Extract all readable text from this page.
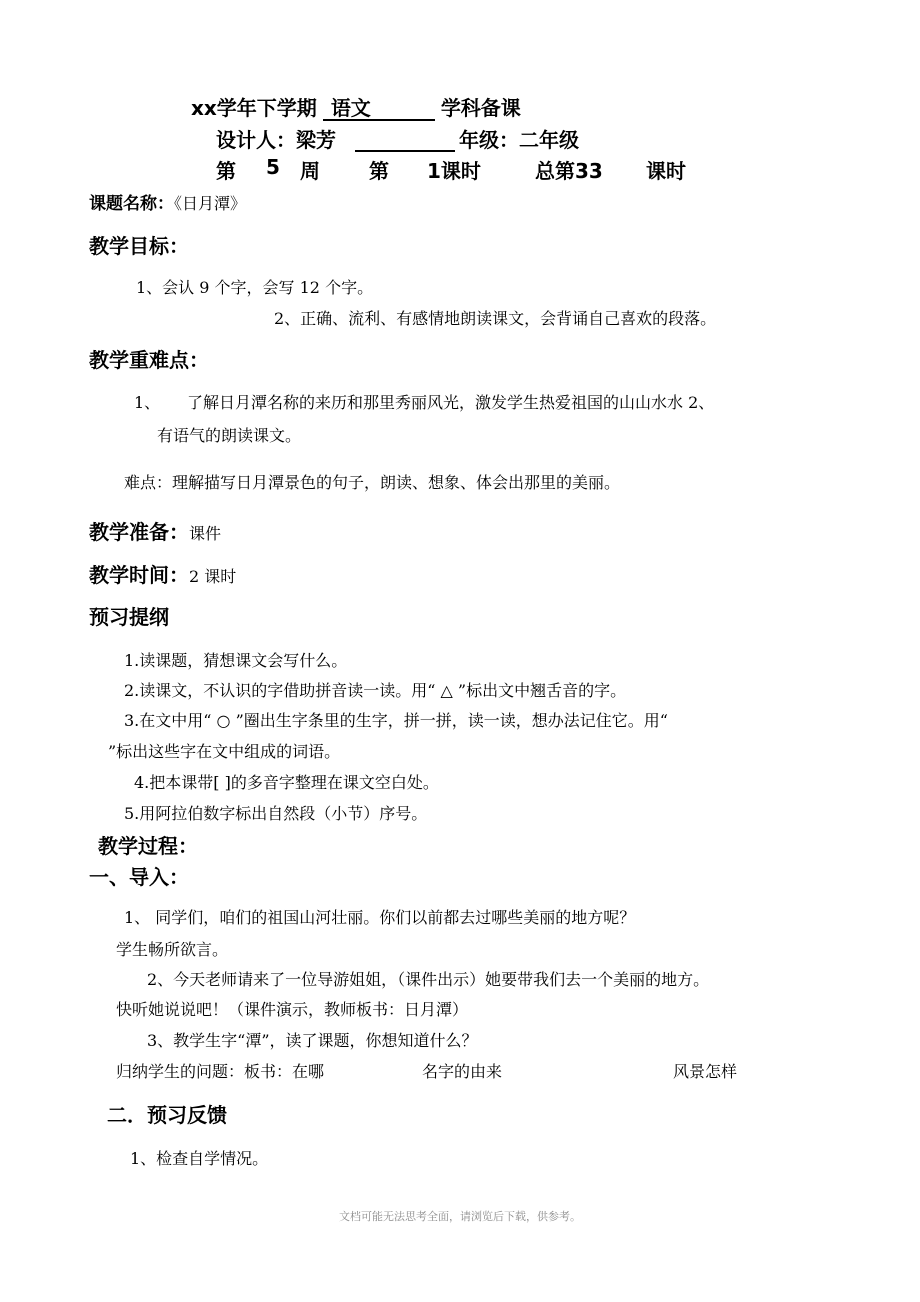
xx学年下学期 语文	学科备课
设计人：梁芳	年级：二年级
第 5 周 第 1课时	总第33 课时
课题名称：《日月潭》
教学目标：
1、会认 9 个字，会写 12 个字。
2、正确、流利、有感情地朗读课文，会背诵自己喜欢的段落。
教学重难点：
1、 了解日月潭名称的来历和那里秀丽风光，激发学生热爱祖国的山山水水 2、
有语气的朗读课文。
难点：理解描写日月潭景色的句子，朗读、想象、体会出那里的美丽。
教学准备：课件
教学时间：2 课时
预习提纲
1.读课题，猜想课文会写什么。
2.读课文，不认识的字借助拼音读一读。用“ △ ”标出文中翘舌音的字。
3.在文中用“ ○ ”圈出生字条里的生字，拼一拼，读一读，想办法记住它。用“
”标出这些字在文中组成的词语。
4.把本课带[ ]的多音字整理在课文空白处。
5.用阿拉伯数字标出自然段（小节）序号。
教学过程：
一、导入：
1、 同学们，咱们的祖国山河壮丽。你们以前都去过哪些美丽的地方呢？
学生畅所欲言。
2、今天老师请来了一位导游姐姐，（课件出示）她要带我们去一个美丽的地方。
快听她说说吧！（课件演示，教师板书：日月潭）
3、教学生字“潭”，读了课题，你想知道什么？
归纳学生的问题：板书：在哪	名字的由来	风景怎样
二．预习反馈
1、检查自学情况。
文档可能无法思考全面，请浏览后下载，供参考。
